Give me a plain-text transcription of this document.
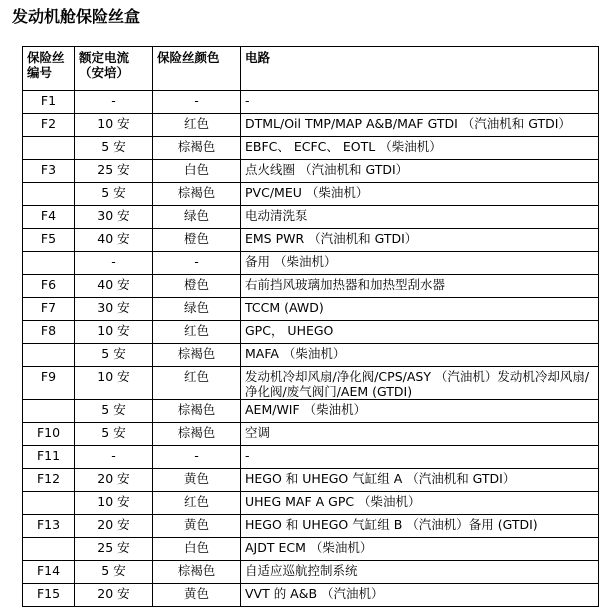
发动机舱保险丝盒
保险丝编号	额定电流（安培）	保险丝颜色	电路
F1	-	-	-
F2	10 安	红色	DTML/Oil TMP/MAP A&B/MAF GTDI （汽油机和 GTDI）
	5 安	棕褐色	EBFC、 ECFC、 EOTL （柴油机）
F3	25 安	白色	点火线圈 （汽油机和 GTDI）
	5 安	棕褐色	PVC/MEU （柴油机）
F4	30 安	绿色	电动清洗泵
F5	40 安	橙色	EMS PWR （汽油机和 GTDI）
	-	-	备用 （柴油机）
F6	40 安	橙色	右前挡风玻璃加热器和加热型刮水器
F7	30 安	绿色	TCCM (AWD)
F8	10 安	红色	GPC， UHEGO
	5 安	棕褐色	MAFA （柴油机）
F9	10 安	红色	发动机冷却风扇/净化阀/CPS/ASY （汽油机）发动机冷却风扇/净化阀/废气阀门/AEM (GTDI)
	5 安	棕褐色	AEM/WIF （柴油机）
F10	5 安	棕褐色	空调
F11	-	-	-
F12	20 安	黄色	HEGO 和 UHEGO 气缸组 A （汽油机和 GTDI）
	10 安	红色	UHEG MAF A GPC （柴油机）
F13	20 安	黄色	HEGO 和 UHEGO 气缸组 B （汽油机）备用 (GTDI)
	25 安	白色	AJDT ECM （柴油机）
F14	5 安	棕褐色	自适应巡航控制系统
F15	20 安	黄色	VVT 的 A&B （汽油机）
